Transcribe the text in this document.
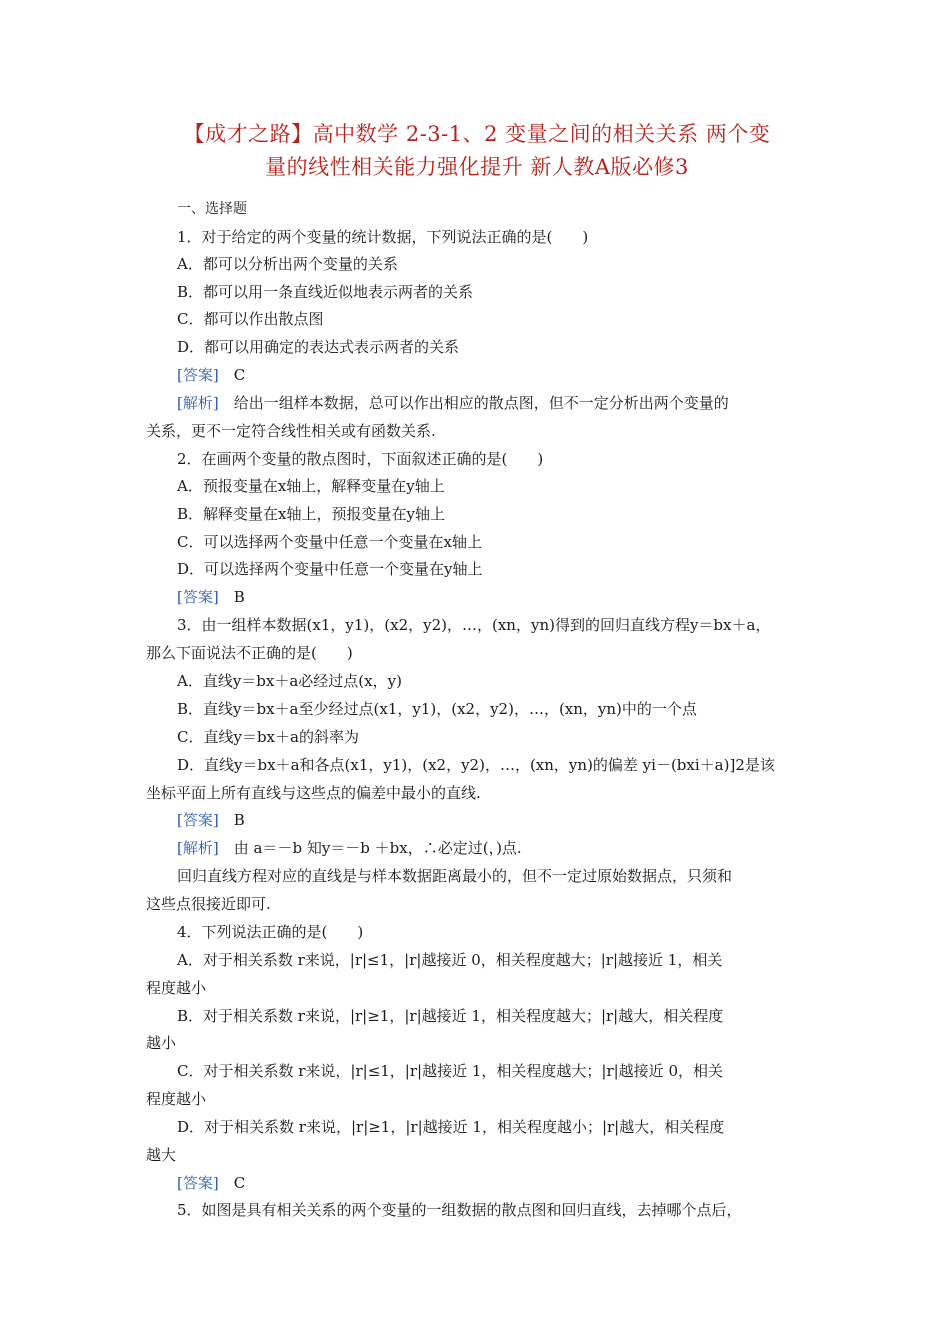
【成才之路】高中数学 2-3-1、2 变量之间的相关关系 两个变
量的线性相关能力强化提升 新人教A版必修3
一、选择题
1．对于给定的两个变量的统计数据，下列说法正确的是(　　)
A．都可以分析出两个变量的关系
B．都可以用一条直线近似地表示两者的关系
C．都可以作出散点图
D．都可以用确定的表达式表示两者的关系
[答案]　 C
[解析]　 给出一组样本数据，总可以作出相应的散点图，但不一定分析出两个变量的
关系，更不一定符合线性相关或有函数关系.
2．在画两个变量的散点图时，下面叙述正确的是(　　)
A．预报变量在x轴上，解释变量在y轴上
B．解释变量在x轴上，预报变量在y轴上
C．可以选择两个变量中任意一个变量在x轴上
D．可以选择两个变量中任意一个变量在y轴上
[答案]　 B
3．由一组样本数据(x1，y1)，(x2，y2)，…，(xn，yn)得到的回归直线方程y＝bx＋a，
那么下面说法不正确的是(　　)
A．直线y＝bx＋a必经过点(x，y)
B．直线y＝bx＋a至少经过点(x1，y1)，(x2，y2)，…，(xn，yn)中的一个点
C．直线y＝bx＋a的斜率为
D．直线y＝bx＋a和各点(x1，y1)，(x2，y2)，…，(xn，yn)的偏差 yi－(bxi＋a)]2是该
坐标平面上所有直线与这些点的偏差中最小的直线.
[答案]　 B
[解析]　 由 a＝－b 知y＝－b ＋bx，∴必定过(，)点.
回归直线方程对应的直线是与样本数据距离最小的，但不一定过原始数据点，只须和
这些点很接近即可.
4．下列说法正确的是(　　)
A．对于相关系数 r来说，|r|≤1，|r|越接近 0，相关程度越大；|r|越接近 1，相关
程度越小
B．对于相关系数 r来说，|r|≥1，|r|越接近 1，相关程度越大；|r|越大，相关程度
越小
C．对于相关系数 r来说，|r|≤1，|r|越接近 1，相关程度越大；|r|越接近 0，相关
程度越小
D．对于相关系数 r来说，|r|≥1，|r|越接近 1，相关程度越小；|r|越大，相关程度
越大
[答案]　 C
5．如图是具有相关关系的两个变量的一组数据的散点图和回归直线，去掉哪个点后，
